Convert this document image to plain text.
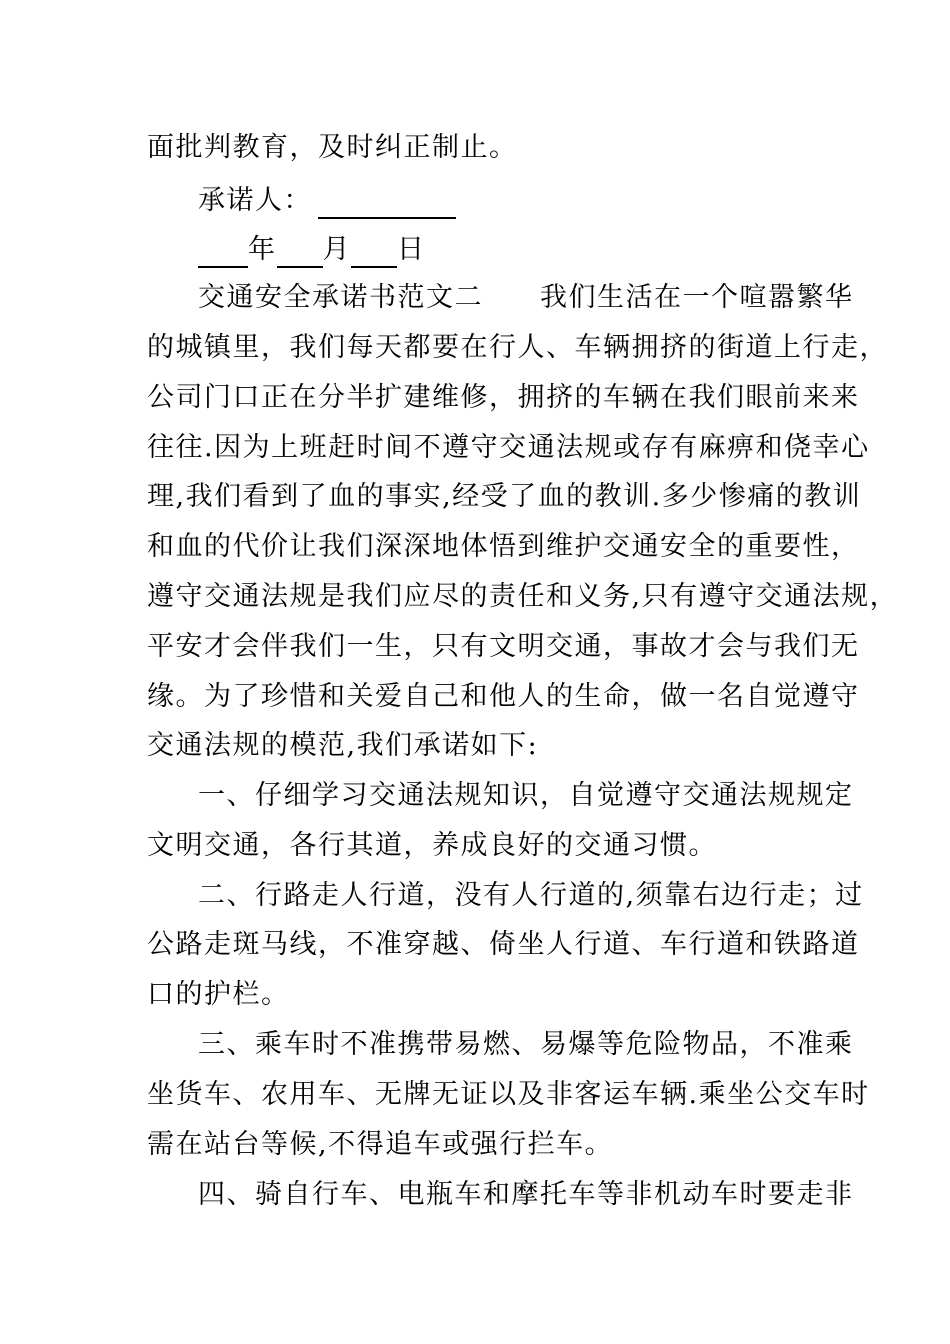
面批判教育，及时纠正制止。
承诺人：
年 月 日
交通安全承诺书范文二　　我们生活在一个喧嚣繁华
的城镇里，我们每天都要在行人、车辆拥挤的街道上行走，
公司门口正在分半扩建维修，拥挤的车辆在我们眼前来来
往往.因为上班赶时间不遵守交通法规或存有麻痹和侥幸心
理,我们看到了血的事实,经受了血的教训.多少惨痛的教训
和血的代价让我们深深地体悟到维护交通安全的重要性，
遵守交通法规是我们应尽的责任和义务,只有遵守交通法规，
平安才会伴我们一生，只有文明交通，事故才会与我们无
缘。为了珍惜和关爱自己和他人的生命，做一名自觉遵守
交通法规的模范,我们承诺如下:
一、仔细学习交通法规知识，自觉遵守交通法规规定
文明交通，各行其道，养成良好的交通习惯。
二、行路走人行道，没有人行道的,须靠右边行走；过
公路走斑马线，不准穿越、倚坐人行道、车行道和铁路道
口的护栏。
三、乘车时不准携带易燃、易爆等危险物品，不准乘
坐货车、农用车、无牌无证以及非客运车辆.乘坐公交车时
需在站台等候,不得追车或强行拦车。
四、骑自行车、电瓶车和摩托车等非机动车时要走非
